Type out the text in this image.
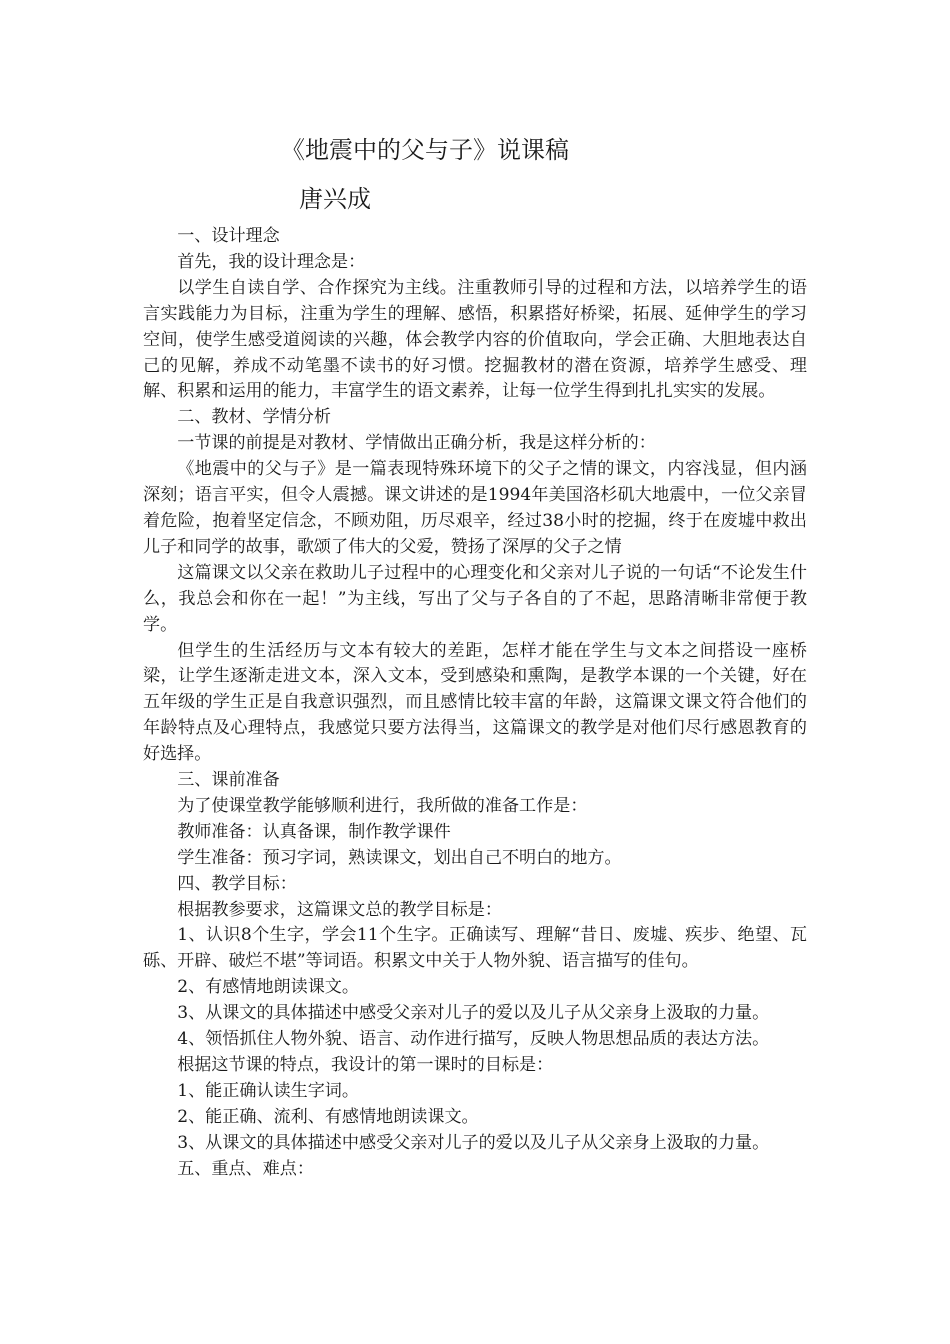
《地震中的父与子》说课稿
唐兴成

一、设计理念

首先，我的设计理念是：

以学生自读自学、合作探究为主线。注重教师引导的过程和方法，以培养学生的语言实践能力为目标，注重为学生的理解、感悟，积累搭好桥梁，拓展、延伸学生的学习空间，使学生感受道阅读的兴趣，体会教学内容的价值取向，学会正确、大胆地表达自己的见解，养成不动笔墨不读书的好习惯。挖掘教材的潜在资源，培养学生感受、理解、积累和运用的能力，丰富学生的语文素养，让每一位学生得到扎扎实实的发展。

二、教材、学情分析

一节课的前提是对教材、学情做出正确分析，我是这样分析的：

《地震中的父与子》是一篇表现特殊环境下的父子之情的课文，内容浅显，但内涵深刻；语言平实，但令人震撼。课文讲述的是1994年美国洛杉矶大地震中，一位父亲冒着危险，抱着坚定信念，不顾劝阻，历尽艰辛，经过38小时的挖掘，终于在废墟中救出儿子和同学的故事，歌颂了伟大的父爱，赞扬了深厚的父子之情

这篇课文以父亲在救助儿子过程中的心理变化和父亲对儿子说的一句话“不论发生什么，我总会和你在一起！”为主线，写出了父与子各自的了不起，思路清晰非常便于教学。

但学生的生活经历与文本有较大的差距，怎样才能在学生与文本之间搭设一座桥梁，让学生逐渐走进文本，深入文本，受到感染和熏陶，是教学本课的一个关键，好在五年级的学生正是自我意识强烈，而且感情比较丰富的年龄，这篇课文课文符合他们的年龄特点及心理特点，我感觉只要方法得当，这篇课文的教学是对他们尽行感恩教育的好选择。

三、课前准备

为了使课堂教学能够顺利进行，我所做的准备工作是：

教师准备：认真备课，制作教学课件

学生准备：预习字词，熟读课文，划出自己不明白的地方。

四、教学目标：

根据教参要求，这篇课文总的教学目标是：

1、认识8个生字，学会11个生字。正确读写、理解“昔日、废墟、疾步、绝望、瓦砾、开辟、破烂不堪”等词语。积累文中关于人物外貌、语言描写的佳句。

2、有感情地朗读课文。

3、从课文的具体描述中感受父亲对儿子的爱以及儿子从父亲身上汲取的力量。

4、领悟抓住人物外貌、语言、动作进行描写，反映人物思想品质的表达方法。

根据这节课的特点，我设计的第一课时的目标是：

1、能正确认读生字词。

2、能正确、流利、有感情地朗读课文。

3、从课文的具体描述中感受父亲对儿子的爱以及儿子从父亲身上汲取的力量。

五、重点、难点：
